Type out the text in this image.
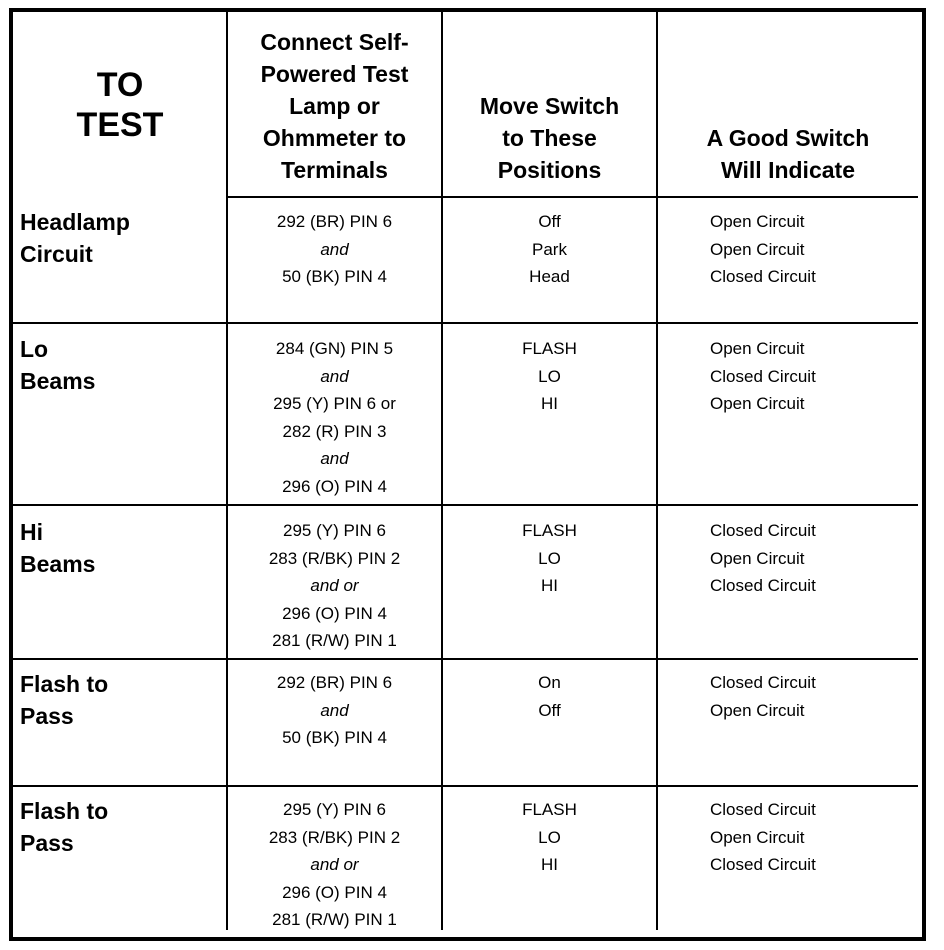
TO
TEST
Connect Self-
Powered Test
Lamp or
Ohmmeter to
Terminals
Move Switch
to These
Positions
A Good Switch
Will Indicate
Headlamp
Circuit
292 (BR) PIN 6
and
50 (BK) PIN 4
Off
Park
Head
Open Circuit
Open Circuit
Closed Circuit
Lo
Beams
284 (GN) PIN 5
and
295 (Y) PIN 6 or
282 (R) PIN 3
and
296 (O) PIN 4
FLASH
LO
HI
Open Circuit
Closed Circuit
Open Circuit
Hi
Beams
295 (Y) PIN 6
283 (R/BK) PIN 2
and or
296 (O) PIN 4
281 (R/W) PIN 1
FLASH
LO
HI
Closed Circuit
Open Circuit
Closed Circuit
Flash to
Pass
292 (BR) PIN 6
and
50 (BK) PIN 4
On
Off
Closed Circuit
Open Circuit
Flash to
Pass
295 (Y) PIN 6
283 (R/BK) PIN 2
and or
296 (O) PIN 4
281 (R/W) PIN 1
FLASH
LO
HI
Closed Circuit
Open Circuit
Closed Circuit
